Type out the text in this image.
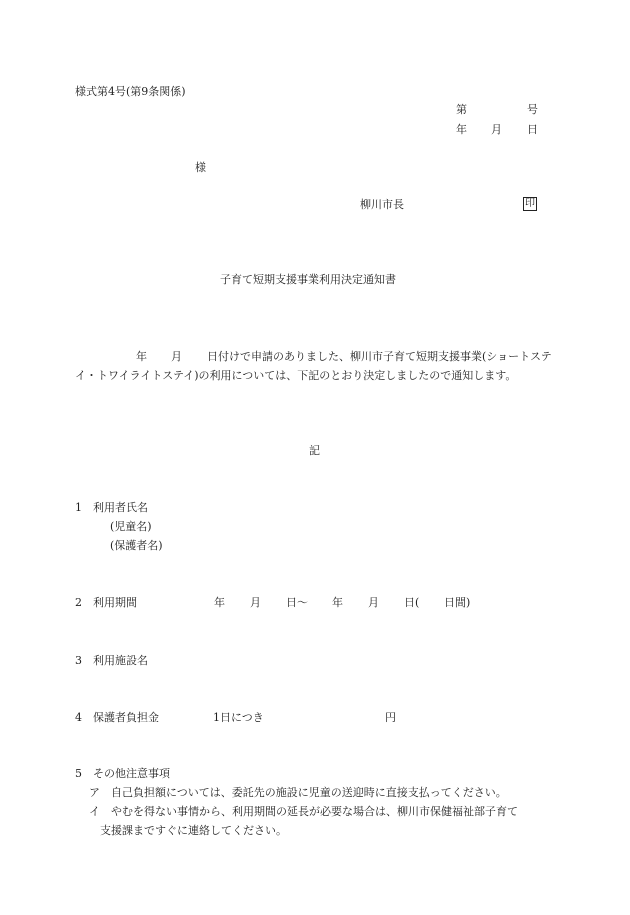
様式第4号(第9条関係)
第	号
年 月 日
様
柳川市長	印
子育て短期支援事業利用決定通知書
年 月	日付けで申請のありました、柳川市子育て短期支援事業(ショートステイ・トワイライトステイ)の利用については、下記のとおり決定しましたので通知します。
記
1　利用者氏名
(児童名)
(保護者名)
2　利用期間	年 月 日〜 年 月 日( 日間)
3　利用施設名
4　保護者負担金	1日につき	円
5　その他注意事項
ア　自己負担額については、委託先の施設に児童の送迎時に直接支払ってください。
イ　やむを得ない事情から、利用期間の延長が必要な場合は、柳川市保健福祉部子育て
支援課まですぐに連絡してください。
